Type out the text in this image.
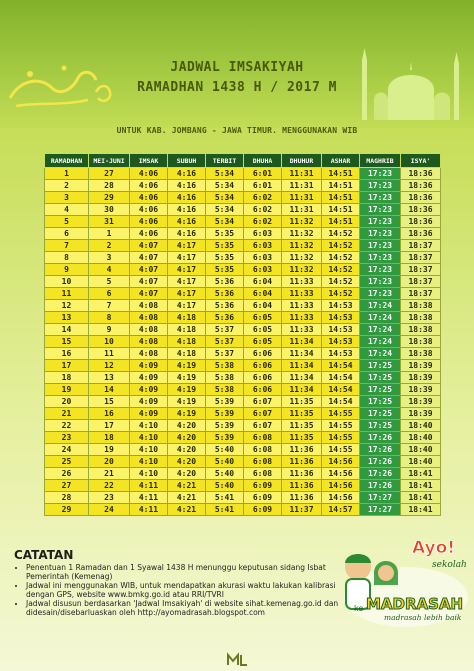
JADWAL IMSAKIYAH
RAMADHAN 1438 H / 2017 M
UNTUK KAB. JOMBANG - JAWA TIMUR. MENGGUNAKAN WIB
RAMADHAN	MEI-JUNI	IMSAK	SUBUH	TERBIT	DHUHA	DHUHUR	ASHAR	MAGHRIB	ISYA'
1	27	4:06	4:16	5:34	6:01	11:31	14:51	17:23	18:36
2	28	4:06	4:16	5:34	6:01	11:31	14:51	17:23	18:36
3	29	4:06	4:16	5:34	6:02	11:31	14:51	17:23	18:36
4	30	4:06	4:16	5:34	6:02	11:31	14:51	17:23	18:36
5	31	4:06	4:16	5:34	6:02	11:32	14:51	17:23	18:36
6	1	4:06	4:16	5:35	6:03	11:32	14:52	17:23	18:36
7	2	4:07	4:17	5:35	6:03	11:32	14:52	17:23	18:37
8	3	4:07	4:17	5:35	6:03	11:32	14:52	17:23	18:37
9	4	4:07	4:17	5:35	6:03	11:32	14:52	17:23	18:37
10	5	4:07	4:17	5:36	6:04	11:33	14:52	17:23	18:37
11	6	4:07	4:17	5:36	6:04	11:33	14:52	17:23	18:37
12	7	4:08	4:17	5:36	6:04	11:33	14:53	17:24	18:38
13	8	4:08	4:18	5:36	6:05	11:33	14:53	17:24	18:38
14	9	4:08	4:18	5:37	6:05	11:33	14:53	17:24	18:38
15	10	4:08	4:18	5:37	6:05	11:34	14:53	17:24	18:38
16	11	4:08	4:18	5:37	6:06	11:34	14:53	17:24	18:38
17	12	4:09	4:19	5:38	6:06	11:34	14:54	17:25	18:39
18	13	4:09	4:19	5:38	6:06	11:34	14:54	17:25	18:39
19	14	4:09	4:19	5:38	6:06	11:34	14:54	17:25	18:39
20	15	4:09	4:19	5:39	6:07	11:35	14:54	17:25	18:39
21	16	4:09	4:19	5:39	6:07	11:35	14:55	17:25	18:39
22	17	4:10	4:20	5:39	6:07	11:35	14:55	17:25	18:40
23	18	4:10	4:20	5:39	6:08	11:35	14:55	17:26	18:40
24	19	4:10	4:20	5:40	6:08	11:36	14:55	17:26	18:40
25	20	4:10	4:20	5:40	6:08	11:36	14:56	17:26	18:40
26	21	4:10	4:20	5:40	6:08	11:36	14:56	17:26	18:41
27	22	4:11	4:21	5:40	6:09	11:36	14:56	17:26	18:41
28	23	4:11	4:21	5:41	6:09	11:36	14:56	17:27	18:41
29	24	4:11	4:21	5:41	6:09	11:37	14:57	17:27	18:41
CATATAN
• Penentuan 1 Ramadan dan 1 Syawal 1438 H menunggu keputusan sidang Isbat Pemerintah (Kemenag)
• Jadwal ini menggunakan WIB, untuk mendapatkan akurasi waktu lakukan kalibrasi dengan GPS, website www.bmkg.go.id atau RRI/TVRI
• Jadwal disusun berdasarkan 'Jadwal Imsakiyah' di website sihat.kemenag.go.id dan didesain/disebarluaskan oleh http://ayomadrasah.blogspot.com
Ayo!
sekolah
ke MADRASAH
madrasah lebih baik
